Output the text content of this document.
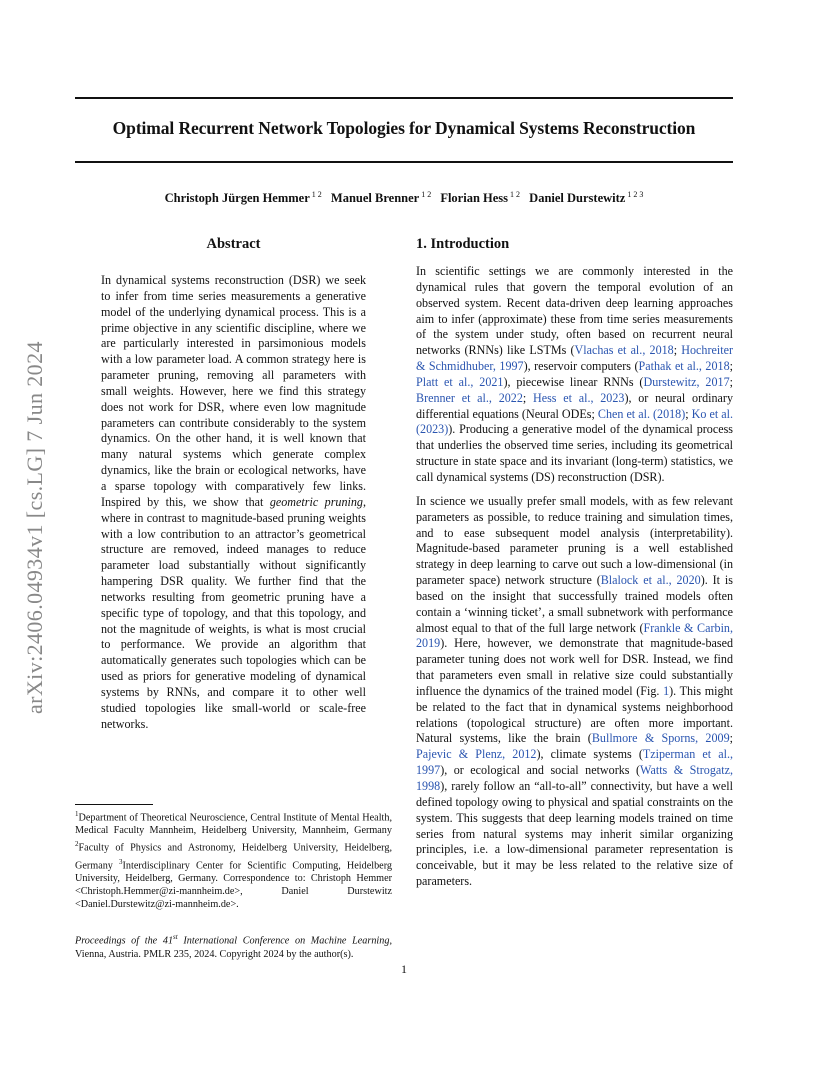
Optimal Recurrent Network Topologies for Dynamical Systems Reconstruction
Christoph Jürgen Hemmer $^{1 2}$ Manuel Brenner $^{1 2}$ Florian Hess $^{1 2}$ Daniel Durstewitz $^{1 2 3}$
arXiv:2406.04934v1 [cs.LG] 7 Jun 2024
Abstract

In dynamical systems reconstruction (DSR) we seek to infer from time series measurements a generative model of the underlying dynamical process. This is a prime objective in any scientific discipline, where we are particularly interested in parsimonious models with a low parameter load. A common strategy here is parameter pruning, removing all parameters with small weights. However, here we find this strategy does not work for DSR, where even low magnitude parameters can contribute considerably to the system dynamics. On the other hand, it is well known that many natural systems which generate complex dynamics, like the brain or ecological networks, have a sparse topology with comparatively few links. Inspired by this, we show that geometric pruning, where in contrast to magnitude-based pruning weights with a low contribution to an attractor’s geometrical structure are removed, indeed manages to reduce parameter load substantially without significantly hampering DSR quality. We further find that the networks resulting from geometric pruning have a specific type of topology, and that this topology, and not the magnitude of weights, is what is most crucial to performance. We provide an algorithm that automatically generates such topologies which can be used as priors for generative modeling of dynamical systems by RNNs, and compare it to other well studied topologies like small-world or scale-free networks.

1. Introduction

In scientific settings we are commonly interested in the dynamical rules that govern the temporal evolution of an observed system. Recent data-driven deep learning approaches aim to infer (approximate) these from time series measurements of the system under study, often based on recurrent neural networks (RNNs) like LSTMs (Vlachas et al., 2018; Hochreiter & Schmidhuber, 1997), reservoir computers (Pathak et al., 2018; Platt et al., 2021), piecewise linear RNNs (Durstewitz, 2017; Brenner et al., 2022; Hess et al., 2023), or neural ordinary differential equations (Neural ODEs; Chen et al. (2018); Ko et al. (2023)). Producing a generative model of the dynamical process that underlies the observed time series, including its geometrical structure in state space and its invariant (long-term) statistics, we call dynamical systems (DS) reconstruction (DSR).

In science we usually prefer small models, with as few relevant parameters as possible, to reduce training and simulation times, and to ease subsequent model analysis (interpretability). Magnitude-based parameter pruning is a well established strategy in deep learning to carve out such a low-dimensional (in parameter space) network structure (Blalock et al., 2020). It is based on the insight that successfully trained models often contain a ‘winning ticket’, a small subnetwork with performance almost equal to that of the full large network (Frankle & Carbin, 2019). Here, however, we demonstrate that magnitude-based parameter tuning does not work well for DSR. Instead, we find that parameters even small in relative size could substantially influence the dynamics of the trained model (Fig. 1). This might be related to the fact that in dynamical systems neighborhood relations (topological structure) are often more important. Natural systems, like the brain (Bullmore & Sporns, 2009; Pajevic & Plenz, 2012), climate systems (Tziperman et al., 1997), or ecological and social networks (Watts & Strogatz, 1998), rarely follow an “all-to-all” connectivity, but have a well defined topology owing to physical and spatial constraints on the system. This suggests that deep learning models trained on time series from natural systems may inherit similar organizing principles, i.e. a low-dimensional parameter representation is conceivable, but it may be less related to the relative size of parameters.

$^1$Department of Theoretical Neuroscience, Central Institute of Mental Health, Medical Faculty Mannheim, Heidelberg University, Mannheim, Germany $^2$Faculty of Physics and Astronomy, Heidelberg University, Heidelberg, Germany $^3$Interdisciplinary Center for Scientific Computing, Heidelberg University, Heidelberg, Germany. Correspondence to: Christoph Hemmer <Christoph.Hemmer@zi-mannheim.de>, Daniel Durstewitz <Daniel.Durstewitz@zi-mannheim.de>.

Proceedings of the 41st International Conference on Machine Learning, Vienna, Austria. PMLR 235, 2024. Copyright 2024 by the author(s).

1
